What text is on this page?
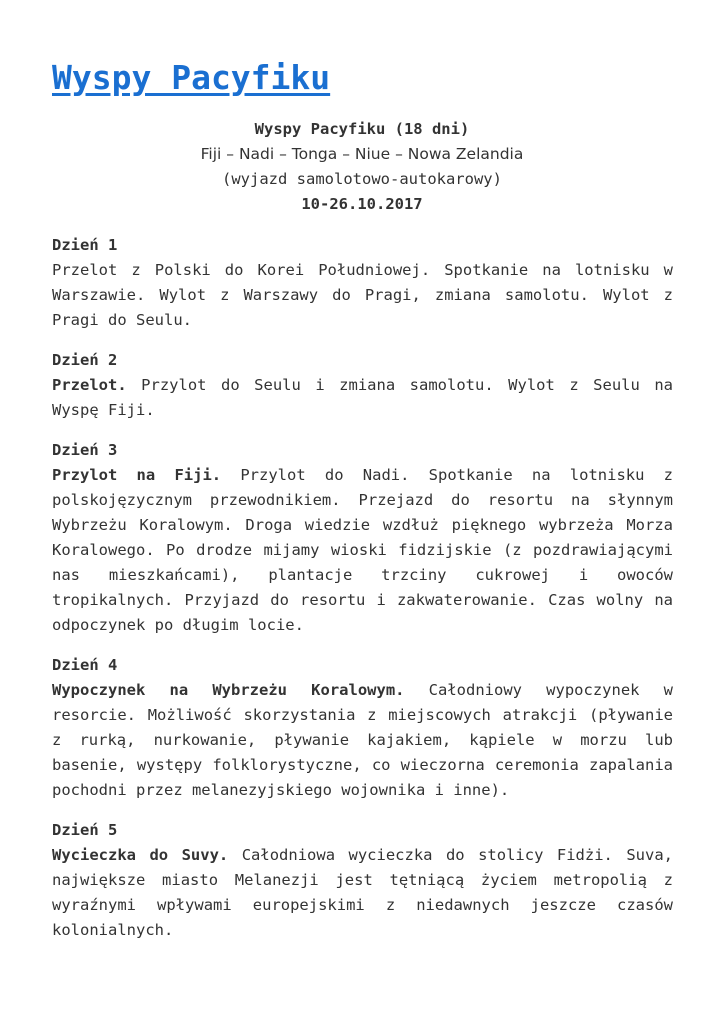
Wyspy Pacyfiku
Wyspy Pacyfiku (18 dni)
Fiji – Nadi – Tonga – Niue – Nowa Zelandia
(wyjazd samolotowo-autokarowy)
10-26.10.2017
Dzień 1
Przelot z Polski do Korei Południowej. Spotkanie na lotnisku w Warszawie. Wylot z Warszawy do Pragi, zmiana samolotu. Wylot z Pragi do Seulu.
Dzień 2
Przelot. Przylot do Seulu i zmiana samolotu. Wylot z Seulu na Wyspę Fiji.
Dzień 3
Przylot na Fiji. Przylot do Nadi. Spotkanie na lotnisku z polskojęzycznym przewodnikiem. Przejazd do resortu na słynnym Wybrzeżu Koralowym. Droga wiedzie wzdłuż pięknego wybrzeża Morza Koralowego. Po drodze mijamy wioski fidzijskie (z pozdrawiającymi nas mieszkańcami), plantacje trzciny cukrowej i owoców tropikalnych. Przyjazd do resortu i zakwaterowanie. Czas wolny na odpoczynek po długim locie.
Dzień 4
Wypoczynek na Wybrzeżu Koralowym. Całodniowy wypoczynek w resorcie. Możliwość skorzystania z miejscowych atrakcji (pływanie z rurką, nurkowanie, pływanie kajakiem, kąpiele w morzu lub basenie, występy folklorystyczne, co wieczorna ceremonia zapalania pochodni przez melanezyjskiego wojownika i inne).
Dzień 5
Wycieczka do Suvy. Całodniowa wycieczka do stolicy Fidżi. Suva, największe miasto Melanezji jest tętniącą życiem metropolią z wyraźnymi wpływami europejskimi z niedawnych jeszcze czasów kolonialnych.
